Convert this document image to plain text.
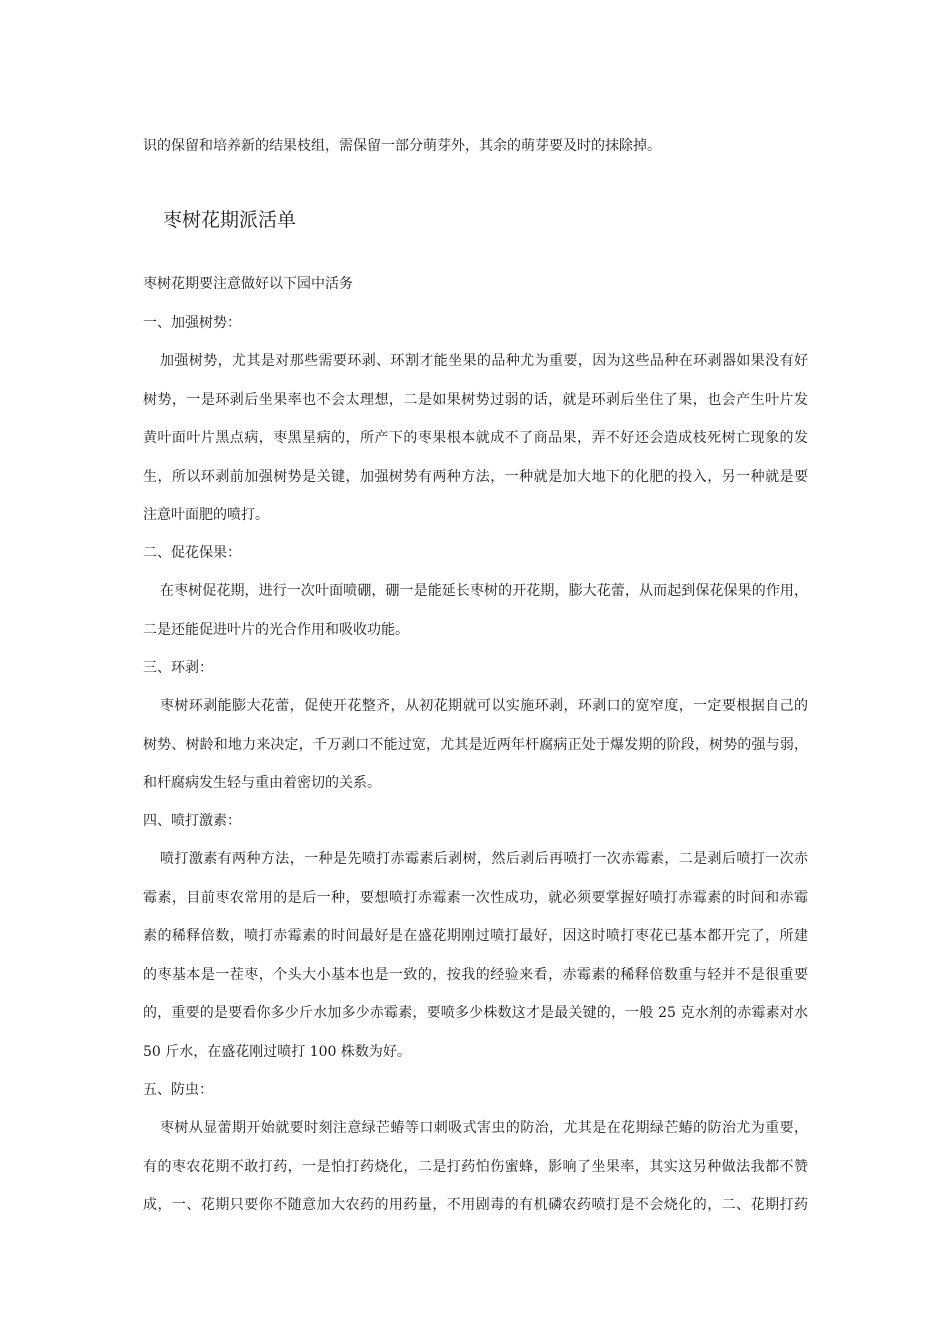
识的保留和培养新的结果枝组，需保留一部分萌芽外，其余的萌芽要及时的抹除掉。
枣树花期派活单
枣树花期要注意做好以下园中活务
一、加强树势：
加强树势，尤其是对那些需要环剥、环割才能坐果的品种尤为重要，因为这些品种在环剥器如果没有好
树势，一是环剥后坐果率也不会太理想，二是如果树势过弱的话，就是环剥后坐住了果，也会产生叶片发
黄叶面叶片黑点病，枣黑星病的，所产下的枣果根本就成不了商品果，弄不好还会造成枝死树亡现象的发
生，所以环剥前加强树势是关键，加强树势有两种方法，一种就是加大地下的化肥的投入，另一种就是要
注意叶面肥的喷打。
二、促花保果：
在枣树促花期，进行一次叶面喷硼，硼一是能延长枣树的开花期，膨大花蕾，从而起到保花保果的作用，
二是还能促进叶片的光合作用和吸收功能。
三、环剥：
枣树环剥能膨大花蕾，促使开花整齐，从初花期就可以实施环剥，环剥口的宽窄度，一定要根据自己的
树势、树龄和地力来决定，千万剥口不能过宽，尤其是近两年杆腐病正处于爆发期的阶段，树势的强与弱，
和杆腐病发生轻与重由着密切的关系。
四、喷打激素：
喷打激素有两种方法，一种是先喷打赤霉素后剥树，然后剥后再喷打一次赤霉素，二是剥后喷打一次赤
霉素，目前枣农常用的是后一种，要想喷打赤霉素一次性成功，就必须要掌握好喷打赤霉素的时间和赤霉
素的稀释倍数，喷打赤霉素的时间最好是在盛花期刚过喷打最好，因这时喷打枣花已基本都开完了，所建
的枣基本是一茬枣，个头大小基本也是一致的，按我的经验来看，赤霉素的稀释倍数重与轻并不是很重要
的，重要的是要看你多少斤水加多少赤霉素，要喷多少株数这才是最关键的，一般 25 克水剂的赤霉素对水
50 斤水，在盛花刚过喷打 100 株数为好。
五、防虫：
枣树从显蕾期开始就要时刻注意绿芒蝽等口刺吸式害虫的防治，尤其是在花期绿芒蝽的防治尤为重要，
有的枣农花期不敢打药，一是怕打药烧化，二是打药怕伤蜜蜂，影响了坐果率，其实这另种做法我都不赞
成，一、花期只要你不随意加大农药的用药量，不用剧毒的有机磷农药喷打是不会烧化的，二、花期打药
